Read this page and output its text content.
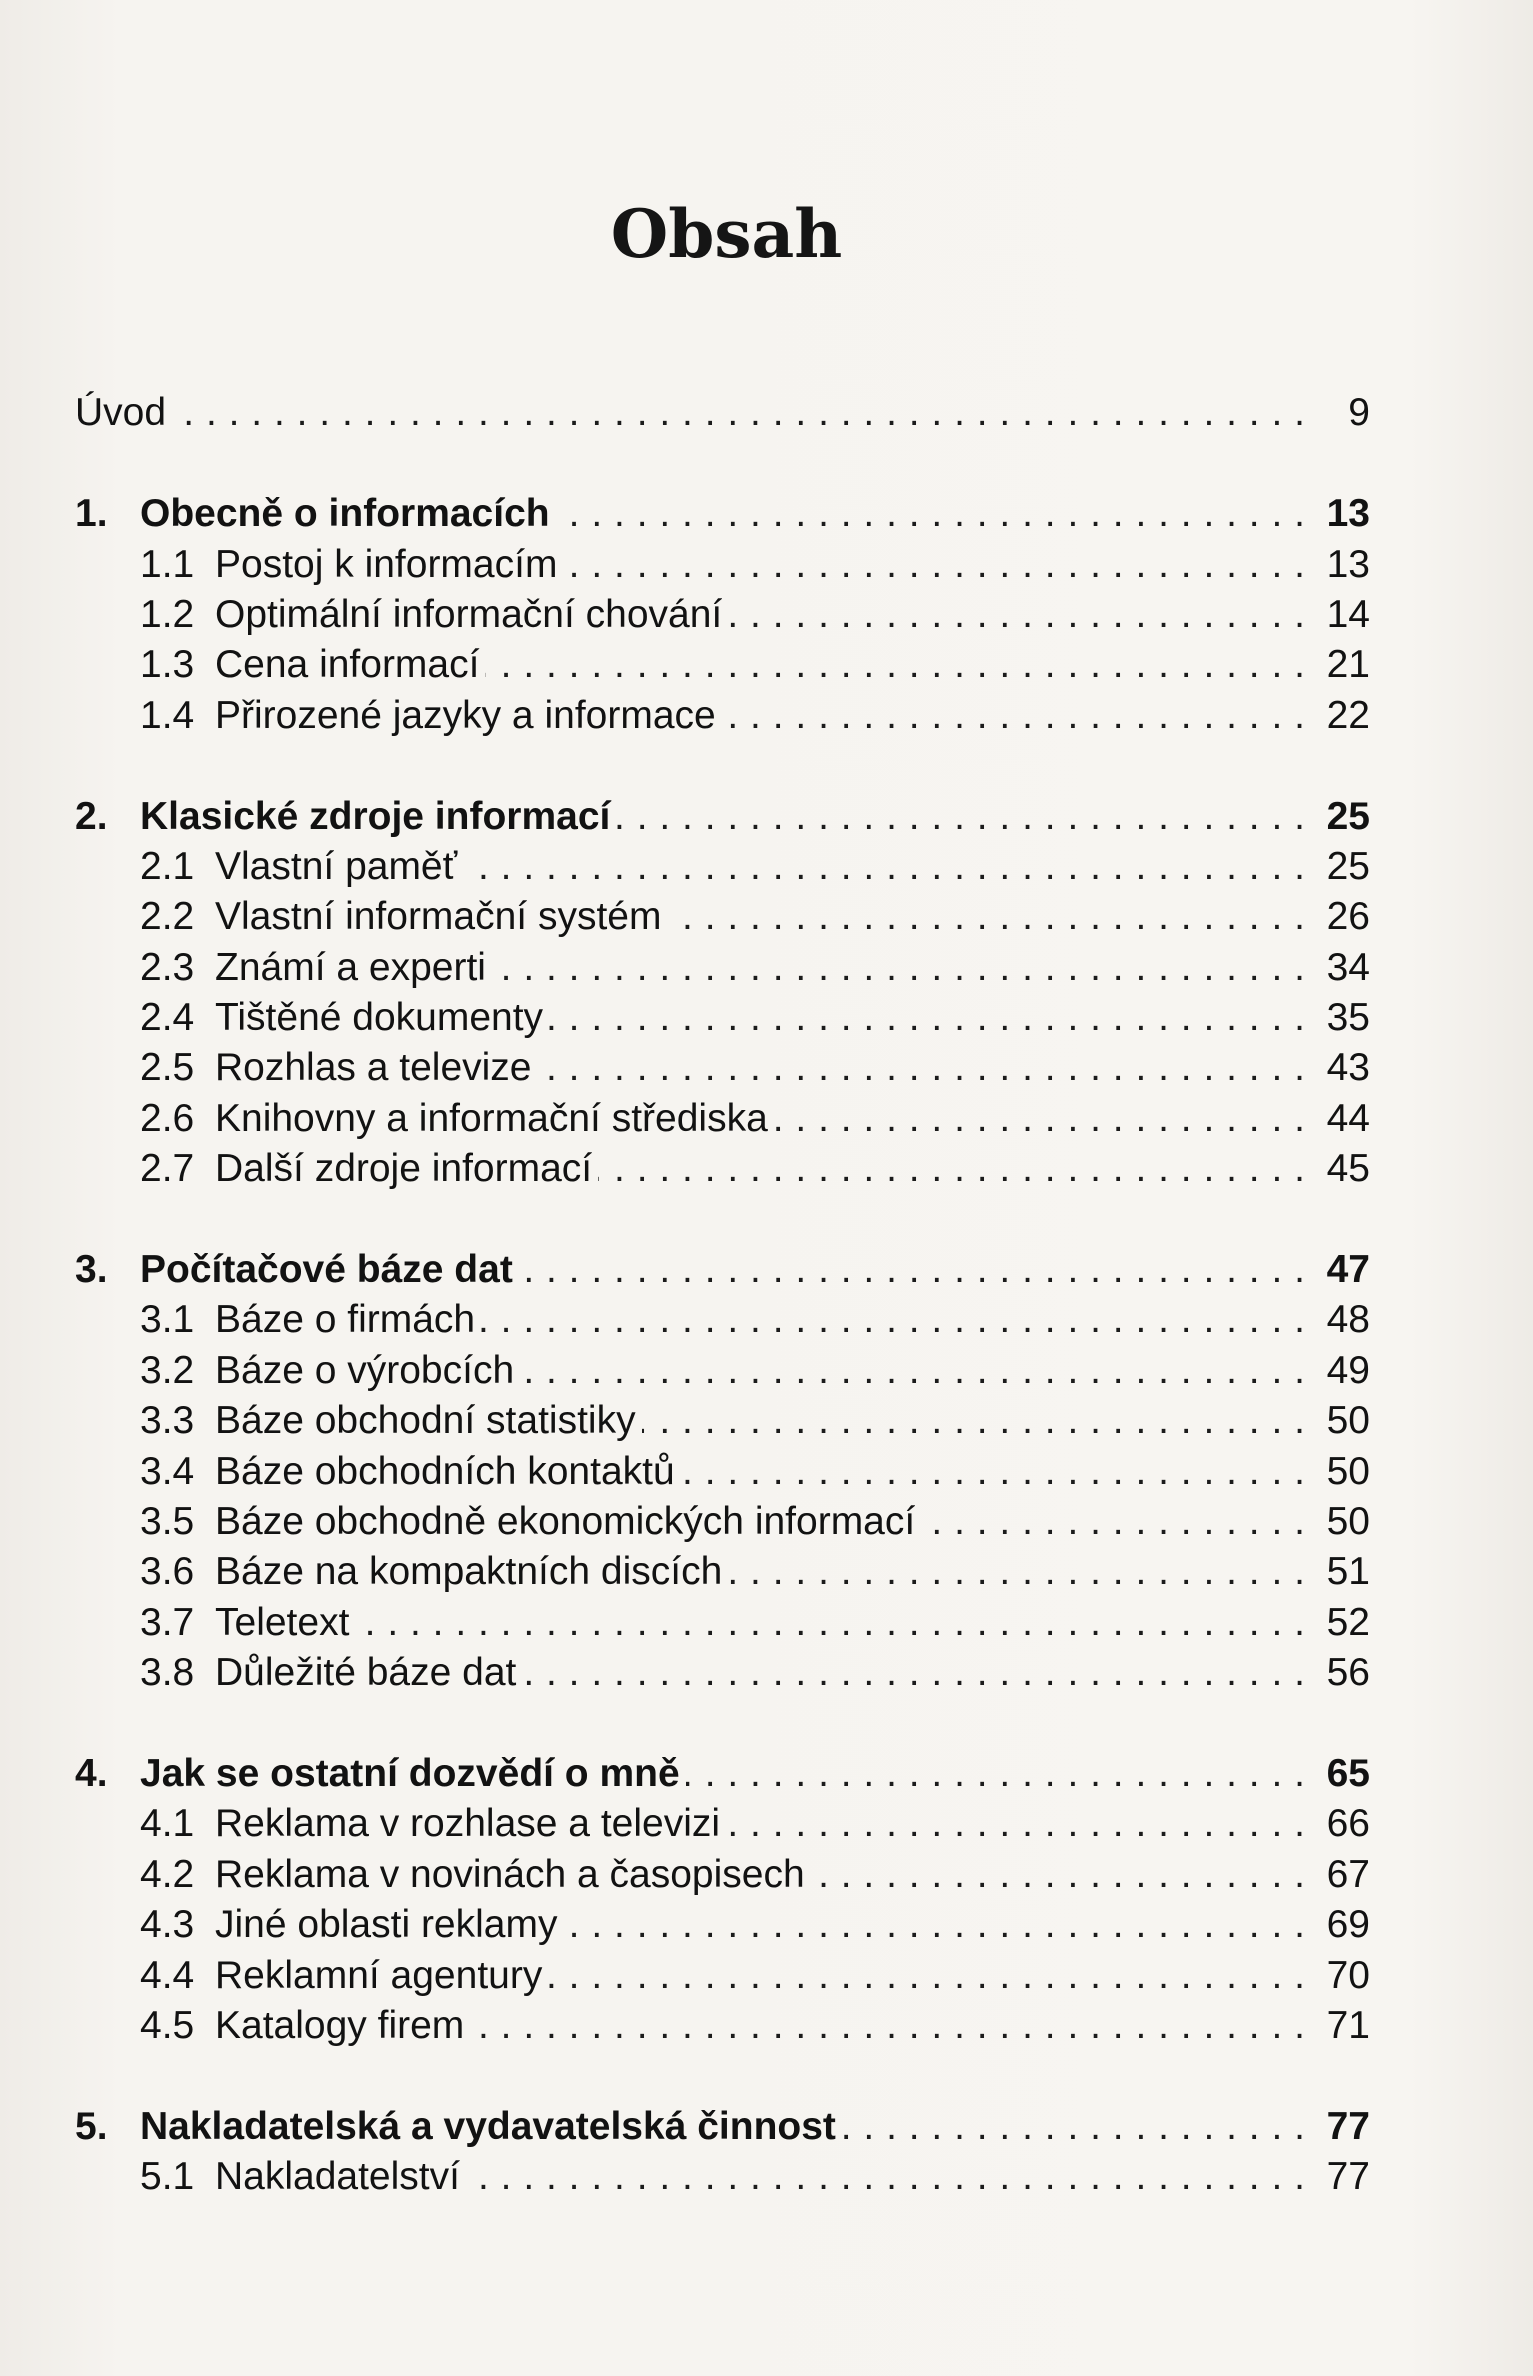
Obsah
Úvod . . .	9
1. Obecně o informacích . . .	13
1.1 Postoj k informacím . . .	13
1.2 Optimální informační chování . . .	14
1.3 Cena informací . . .	21
1.4 Přirozené jazyky a informace . . .	22
2. Klasické zdroje informací . . .	25
2.1 Vlastní paměť . . .	25
2.2 Vlastní informační systém . . .	26
2.3 Známí a experti . . .	34
2.4 Tištěné dokumenty . . .	35
2.5 Rozhlas a televize . . .	43
2.6 Knihovny a informační střediska . . .	44
2.7 Další zdroje informací . . .	45
3. Počítačové báze dat . . .	47
3.1 Báze o firmách . . .	48
3.2 Báze o výrobcích . . .	49
3.3 Báze obchodní statistiky . . .	50
3.4 Báze obchodních kontaktů . . .	50
3.5 Báze obchodně ekonomických informací . . .	50
3.6 Báze na kompaktních discích . . .	51
3.7 Teletext . . .	52
3.8 Důležité báze dat . . .	56
4. Jak se ostatní dozvědí o mně . . .	65
4.1 Reklama v rozhlase a televizi . . .	66
4.2 Reklama v novinách a časopisech . . .	67
4.3 Jiné oblasti reklamy . . .	69
4.4 Reklamní agentury . . .	70
4.5 Katalogy firem . . .	71
5. Nakladatelská a vydavatelská činnost . . .	77
5.1 Nakladatelství . . .	77
